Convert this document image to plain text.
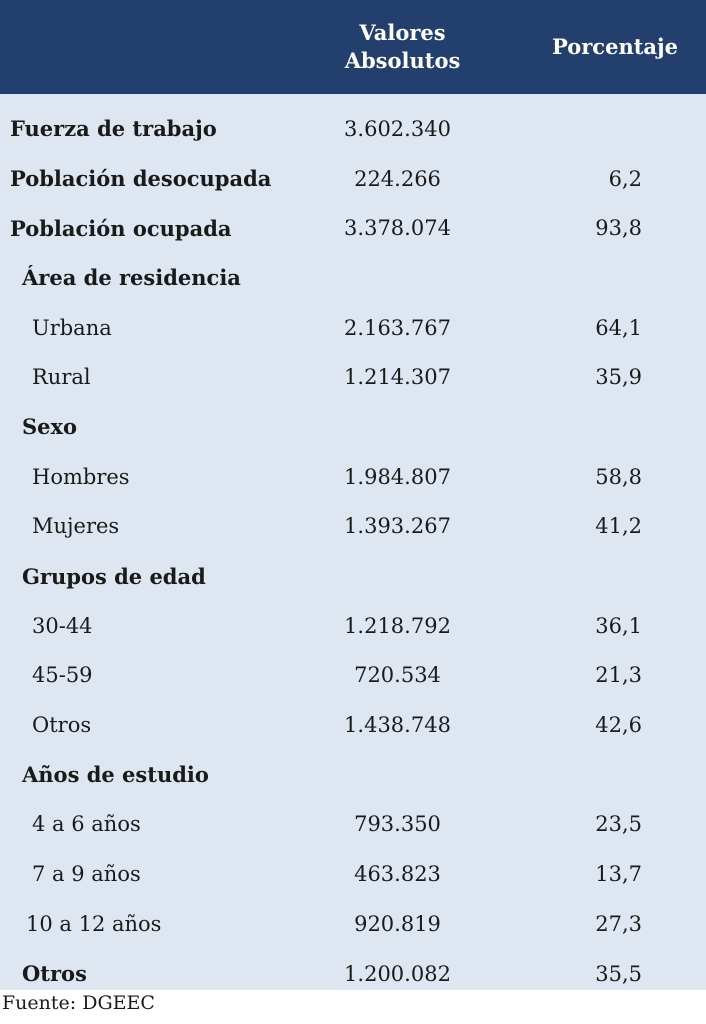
	Valores
Absolutos	Porcentaje
Fuerza de trabajo	3.602.340	
Población desocupada	224.266	6,2
Población ocupada	3.378.074	93,8
Área de residencia		
Urbana	2.163.767	64,1
Rural	1.214.307	35,9
Sexo		
Hombres	1.984.807	58,8
Mujeres	1.393.267	41,2
Grupos de edad		
30-44	1.218.792	36,1
45-59	720.534	21,3
Otros	1.438.748	42,6
Años de estudio		
4 a 6 años	793.350	23,5
7 a 9 años	463.823	13,7
10 a 12 años	920.819	27,3
Otros	1.200.082	35,5
Fuente: DGEEC
